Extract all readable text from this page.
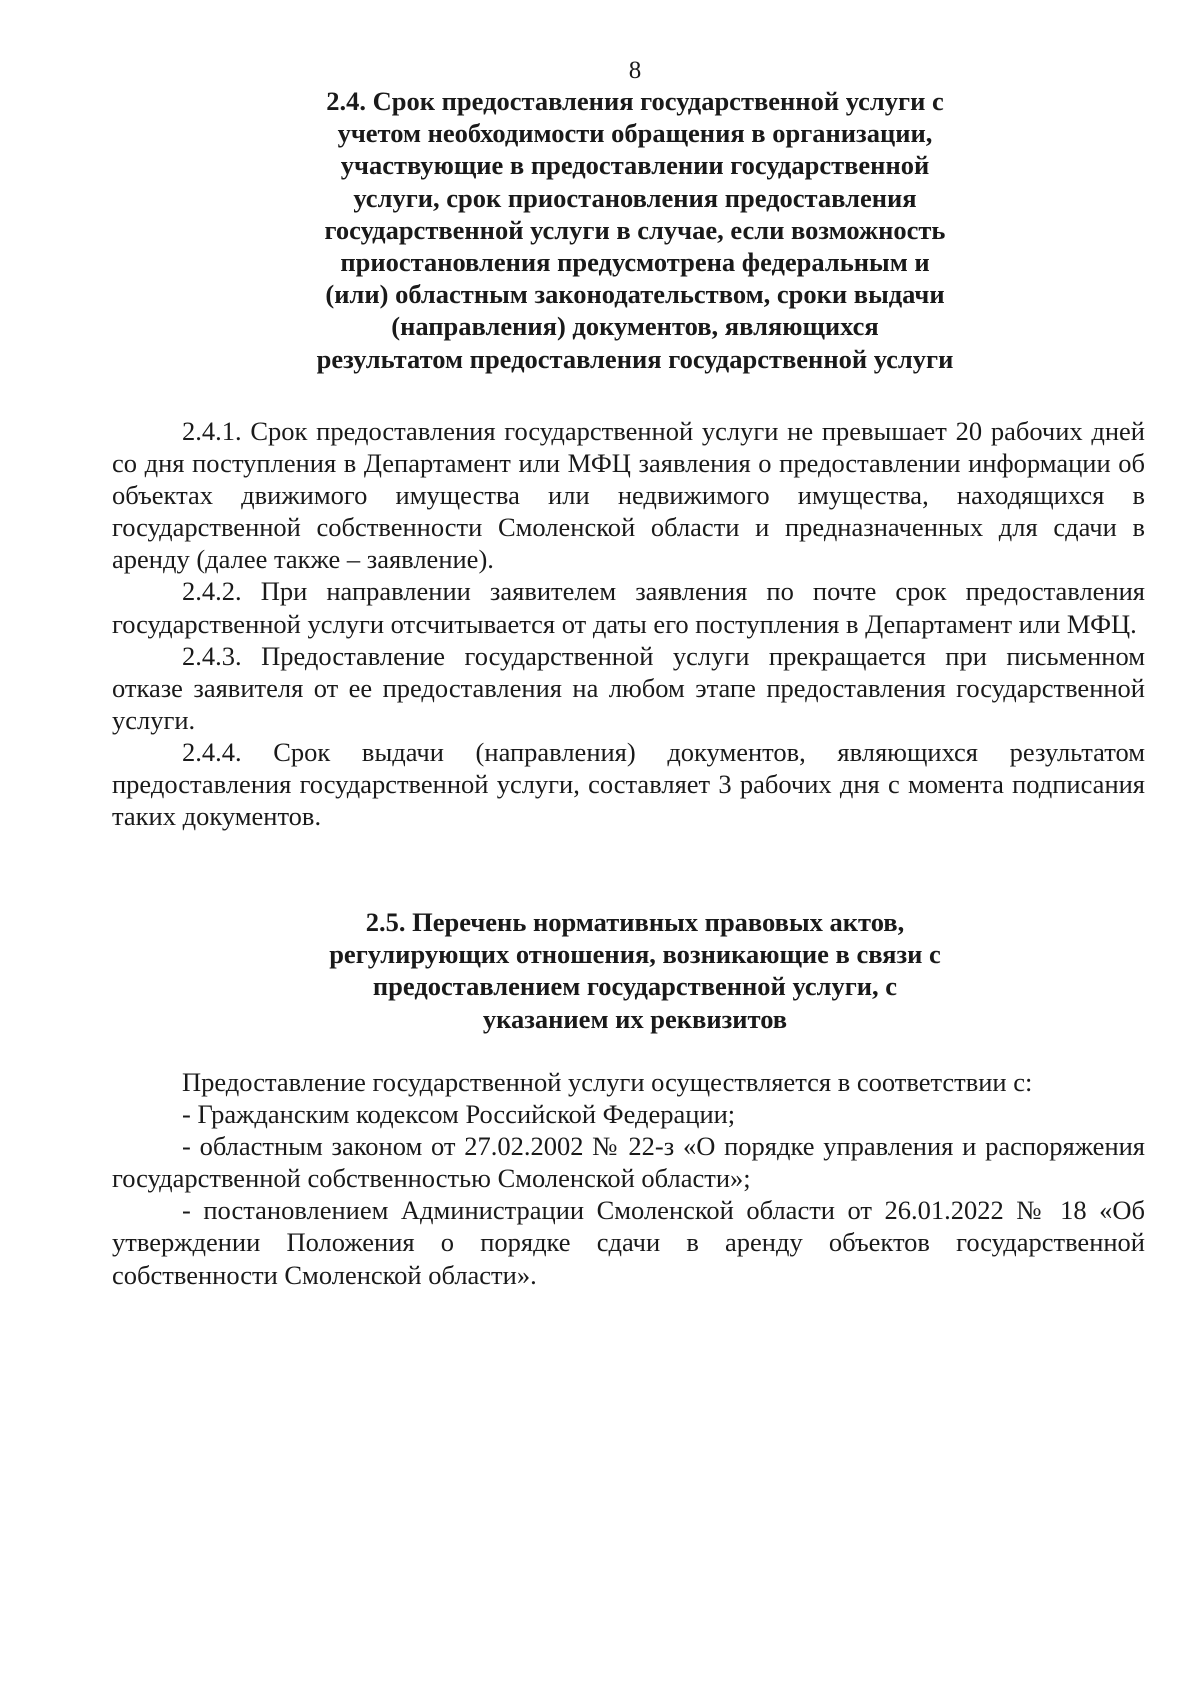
8
2.4. Срок предоставления государственной услуги с
учетом необходимости обращения в организации,
участвующие в предоставлении государственной
услуги, срок приостановления предоставления
государственной услуги в случае, если возможность
приостановления предусмотрена федеральным и
(или) областным законодательством, сроки выдачи
(направления) документов, являющихся
результатом предоставления государственной услуги

2.4.1. Срок предоставления государственной услуги не превышает 20 рабочих дней со дня поступления в Департамент или МФЦ заявления о предоставлении информации об объектах движимого имущества или недвижимого имущества, находящихся в государственной собственности Смоленской области и предназначенных для сдачи в аренду (далее также – заявление).

2.4.2. При направлении заявителем заявления по почте срок предоставления государственной услуги отсчитывается от даты его поступления в Департамент или МФЦ.

2.4.3. Предоставление государственной услуги прекращается при письменном отказе заявителя от ее предоставления на любом этапе предоставления государственной услуги.

2.4.4. Срок выдачи (направления) документов, являющихся результатом предоставления государственной услуги, составляет 3 рабочих дня с момента подписания таких документов.

2.5. Перечень нормативных правовых актов,
регулирующих отношения, возникающие в связи с
предоставлением государственной услуги, с
указанием их реквизитов

Предоставление государственной услуги осуществляется в соответствии с:

- Гражданским кодексом Российской Федерации;

- областным законом от 27.02.2002 № 22-з «О порядке управления и распоряжения государственной собственностью Смоленской области»;

- постановлением Администрации Смоленской области от 26.01.2022 № 18 «Об утверждении Положения о порядке сдачи в аренду объектов государственной собственности Смоленской области».
